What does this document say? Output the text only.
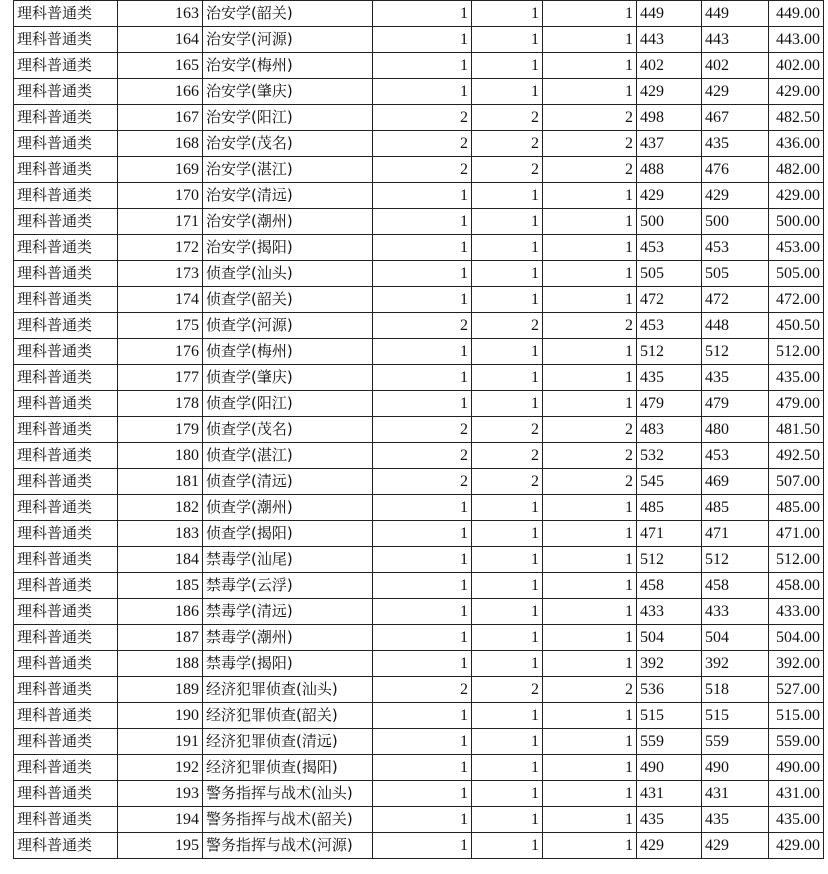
理科普通类	163	治安学(韶关)	1	1	1	449	449	449.00
理科普通类	164	治安学(河源)	1	1	1	443	443	443.00
理科普通类	165	治安学(梅州)	1	1	1	402	402	402.00
理科普通类	166	治安学(肇庆)	1	1	1	429	429	429.00
理科普通类	167	治安学(阳江)	2	2	2	498	467	482.50
理科普通类	168	治安学(茂名)	2	2	2	437	435	436.00
理科普通类	169	治安学(湛江)	2	2	2	488	476	482.00
理科普通类	170	治安学(清远)	1	1	1	429	429	429.00
理科普通类	171	治安学(潮州)	1	1	1	500	500	500.00
理科普通类	172	治安学(揭阳)	1	1	1	453	453	453.00
理科普通类	173	侦查学(汕头)	1	1	1	505	505	505.00
理科普通类	174	侦查学(韶关)	1	1	1	472	472	472.00
理科普通类	175	侦查学(河源)	2	2	2	453	448	450.50
理科普通类	176	侦查学(梅州)	1	1	1	512	512	512.00
理科普通类	177	侦查学(肇庆)	1	1	1	435	435	435.00
理科普通类	178	侦查学(阳江)	1	1	1	479	479	479.00
理科普通类	179	侦查学(茂名)	2	2	2	483	480	481.50
理科普通类	180	侦查学(湛江)	2	2	2	532	453	492.50
理科普通类	181	侦查学(清远)	2	2	2	545	469	507.00
理科普通类	182	侦查学(潮州)	1	1	1	485	485	485.00
理科普通类	183	侦查学(揭阳)	1	1	1	471	471	471.00
理科普通类	184	禁毒学(汕尾)	1	1	1	512	512	512.00
理科普通类	185	禁毒学(云浮)	1	1	1	458	458	458.00
理科普通类	186	禁毒学(清远)	1	1	1	433	433	433.00
理科普通类	187	禁毒学(潮州)	1	1	1	504	504	504.00
理科普通类	188	禁毒学(揭阳)	1	1	1	392	392	392.00
理科普通类	189	经济犯罪侦查(汕头)	2	2	2	536	518	527.00
理科普通类	190	经济犯罪侦查(韶关)	1	1	1	515	515	515.00
理科普通类	191	经济犯罪侦查(清远)	1	1	1	559	559	559.00
理科普通类	192	经济犯罪侦查(揭阳)	1	1	1	490	490	490.00
理科普通类	193	警务指挥与战术(汕头)	1	1	1	431	431	431.00
理科普通类	194	警务指挥与战术(韶关)	1	1	1	435	435	435.00
理科普通类	195	警务指挥与战术(河源)	1	1	1	429	429	429.00
